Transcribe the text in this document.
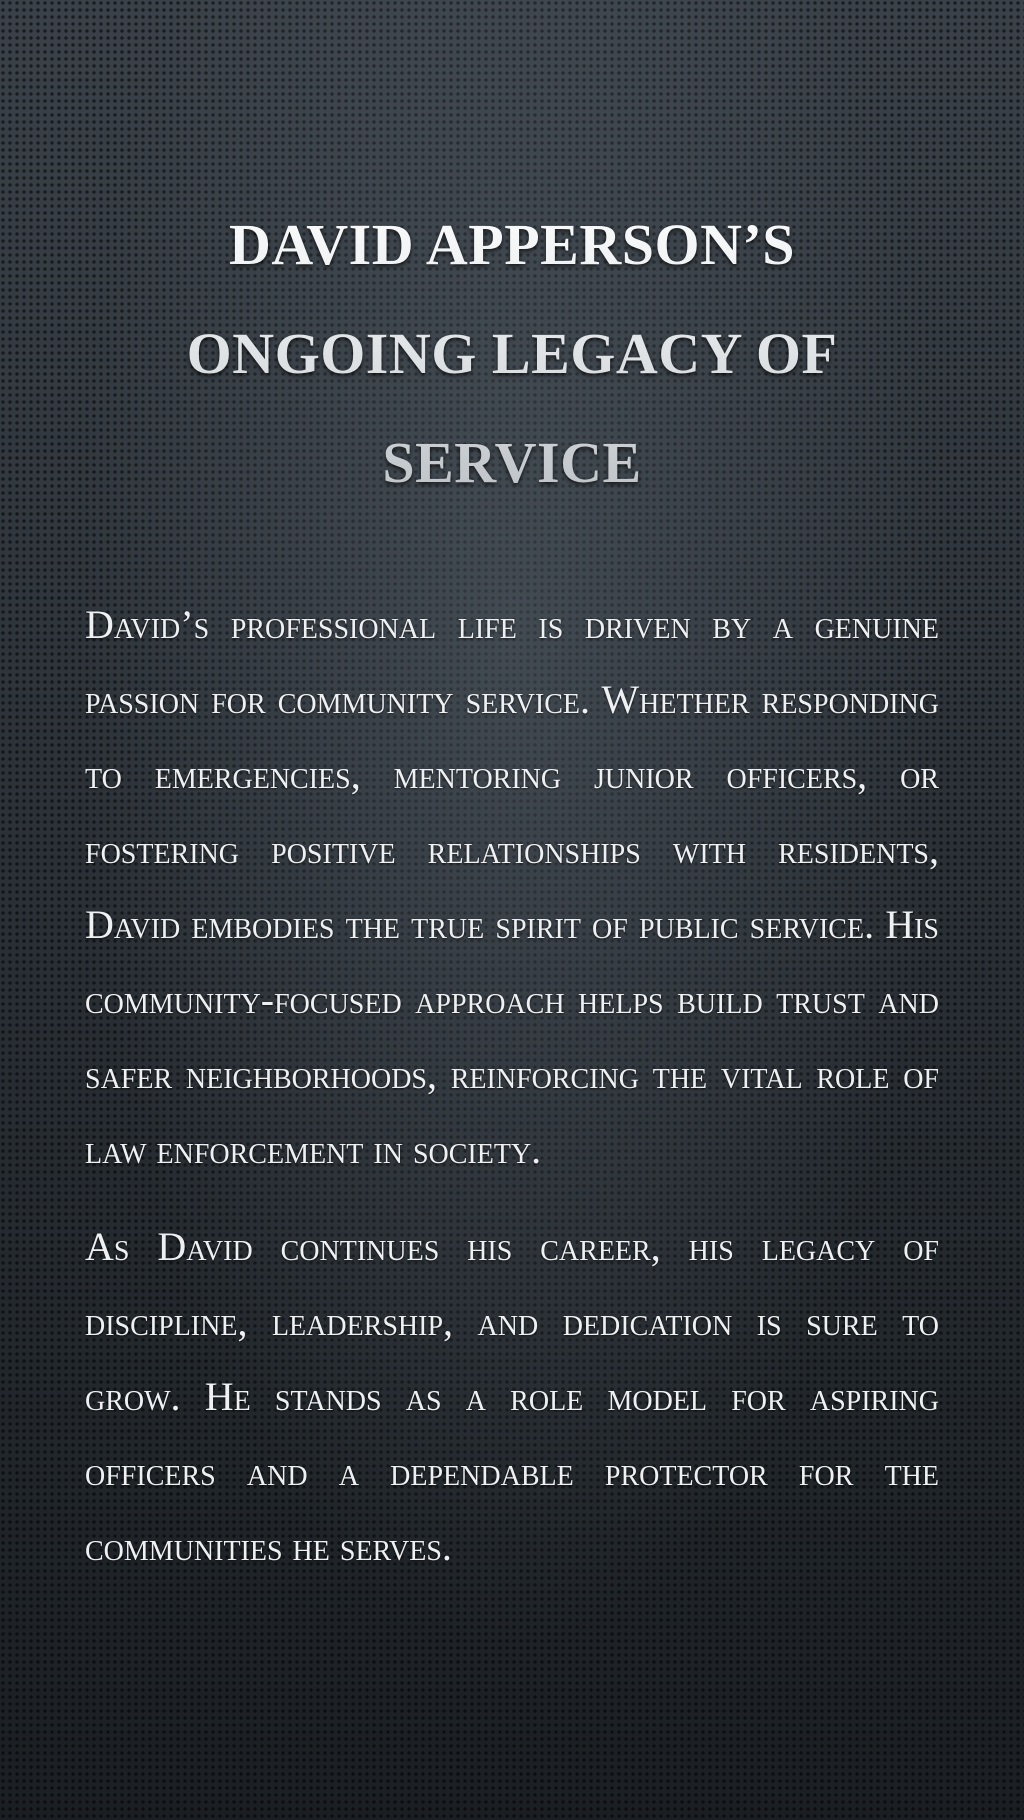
DAVID APPERSON’S
ONGOING LEGACY OF
SERVICE

David’s professional life is driven by a genuine passion for community service. Whether responding to emergencies, mentoring junior officers, or fostering positive relationships with residents, David embodies the true spirit of public service. His community-focused approach helps build trust and safer neighborhoods, reinforcing the vital role of law enforcement in society.

As David continues his career, his legacy of discipline, leadership, and dedication is sure to grow. He stands as a role model for aspiring officers and a dependable protector for the communities he serves.
